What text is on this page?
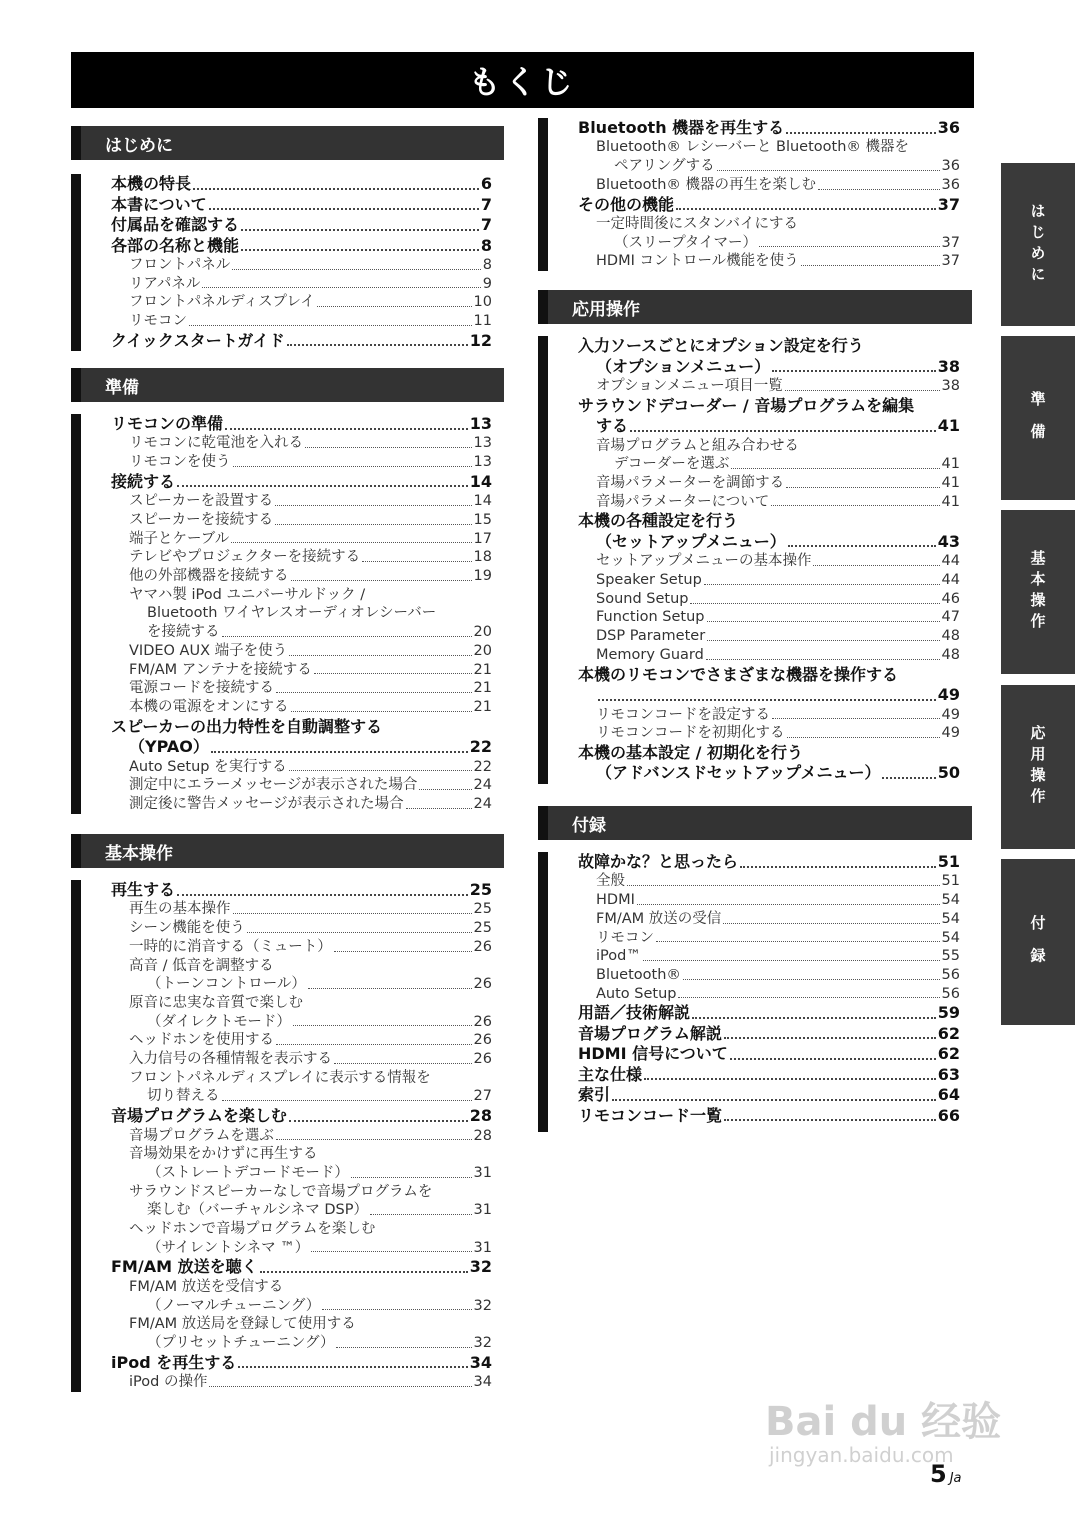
もくじ
はじめに
本機の特長	6
本書について	7
付属品を確認する	7
各部の名称と機能	8
フロントパネル	8
リアパネル	9
フロントパネルディスプレイ	10
リモコン	11
クイックスタートガイド	12
準備
リモコンの準備	13
リモコンに乾電池を入れる	13
リモコンを使う	13
接続する	14
スピーカーを設置する	14
スピーカーを接続する	15
端子とケーブル	17
テレビやプロジェクターを接続する	18
他の外部機器を接続する	19
ヤマハ製 iPod ユニバーサルドック /
Bluetooth ワイヤレスオーディオレシーバー
を接続する	20
VIDEO AUX 端子を使う	20
FM/AM アンテナを接続する	21
電源コードを接続する	21
本機の電源をオンにする	21
スピーカーの出力特性を自動調整する
（YPAO）	22
Auto Setup を実行する	22
測定中にエラーメッセージが表示された場合	24
測定後に警告メッセージが表示された場合	24
基本操作
再生する	25
再生の基本操作	25
シーン機能を使う	25
一時的に消音する（ミュート）	26
高音 / 低音を調整する
（トーンコントロール）	26
原音に忠実な音質で楽しむ
（ダイレクトモード）	26
ヘッドホンを使用する	26
入力信号の各種情報を表示する	26
フロントパネルディスプレイに表示する情報を
切り替える	27
音場プログラムを楽しむ	28
音場プログラムを選ぶ	28
音場効果をかけずに再生する
（ストレートデコードモード）	31
サラウンドスピーカーなしで音場プログラムを
楽しむ（バーチャルシネマ DSP）	31
ヘッドホンで音場プログラムを楽しむ
（サイレントシネマ ™）	31
FM/AM 放送を聴く	32
FM/AM 放送を受信する
（ノーマルチューニング）	32
FM/AM 放送局を登録して使用する
（プリセットチューニング）	32
iPod を再生する	34
iPod の操作	34
Bluetooth 機器を再生する	36
Bluetooth® レシーバーと Bluetooth® 機器を
ペアリングする	36
Bluetooth® 機器の再生を楽しむ	36
その他の機能	37
一定時間後にスタンバイにする
（スリープタイマー）	37
HDMI コントロール機能を使う	37
応用操作
入力ソースごとにオプション設定を行う
（オプションメニュー）	38
オプションメニュー項目一覧	38
サラウンドデコーダー / 音場プログラムを編集
する	41
音場プログラムと組み合わせる
デコーダーを選ぶ	41
音場パラメーターを調節する	41
音場パラメーターについて	41
本機の各種設定を行う
（セットアップメニュー）	43
セットアップメニューの基本操作	44
Speaker Setup	44
Sound Setup	46
Function Setup	47
DSP Parameter	48
Memory Guard	48
本機のリモコンでさまざまな機器を操作する
49
リモコンコードを設定する	49
リモコンコードを初期化する	49
本機の基本設定 / 初期化を行う
（アドバンスドセットアップメニュー）	50
付録
故障かな？と思ったら	51
全般	51
HDMI	54
FM/AM 放送の受信	54
リモコン	54
iPod™	55
Bluetooth®	56
Auto Setup	56
用語／技術解説	59
音場プログラム解説	62
HDMI 信号について	62
主な仕様	63
索引	64
リモコンコード一覧	66
はじめに
準 備
基本操作
応用操作
付 録
Bai du 经验
jingyan.baidu.com
5 Ja
